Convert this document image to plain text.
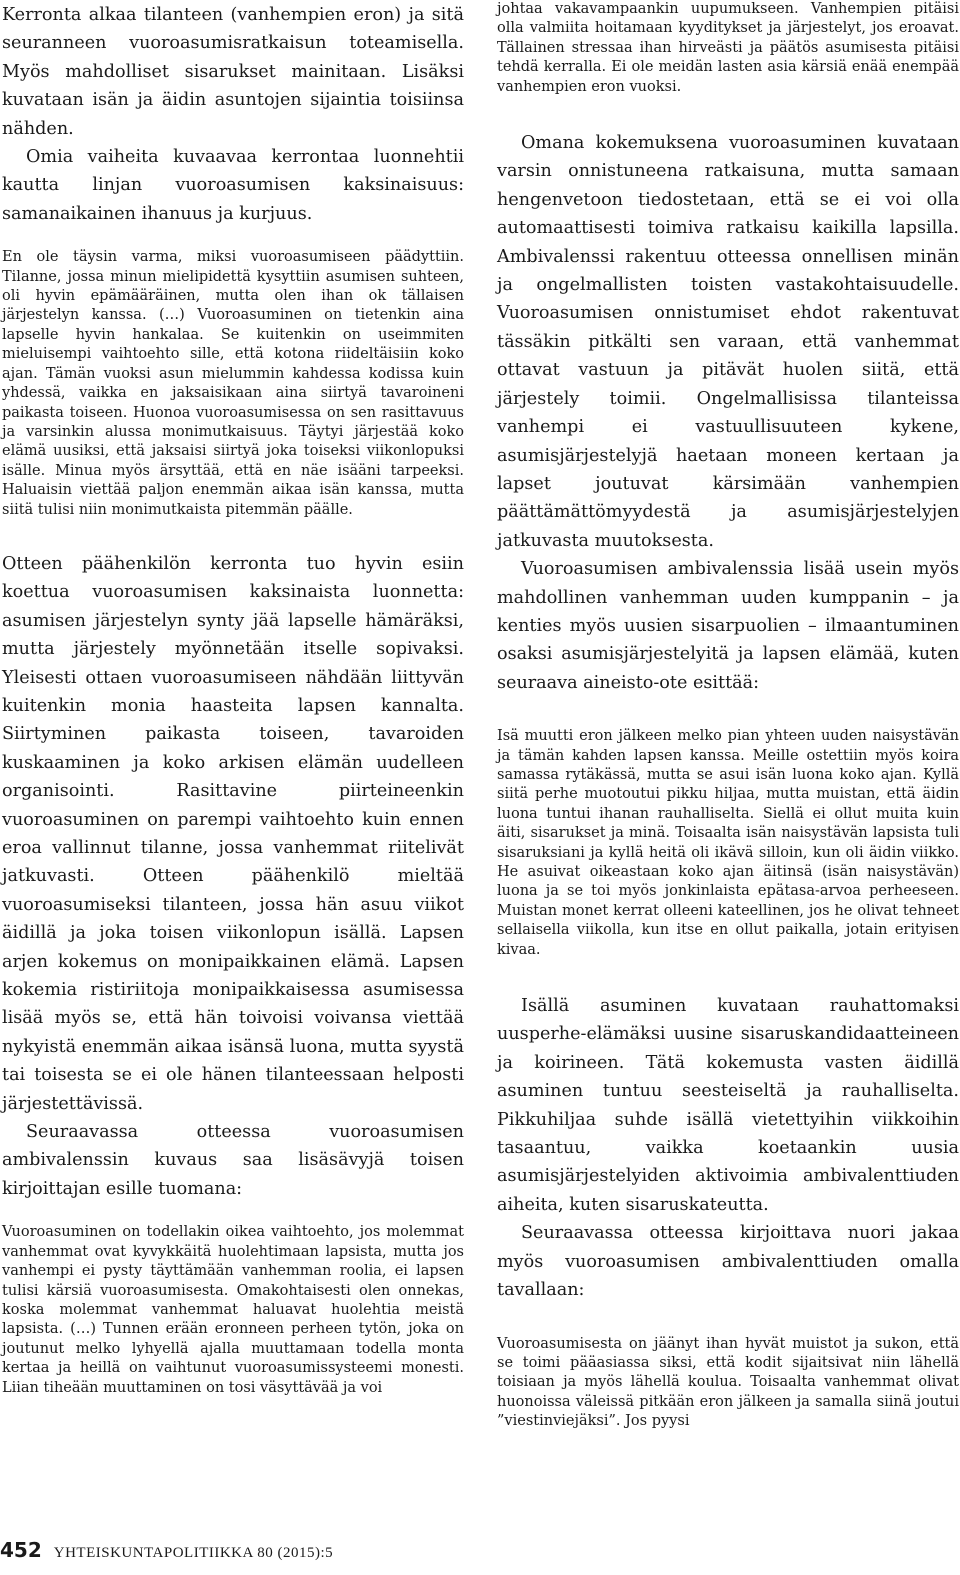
Kerronta alkaa tilanteen (vanhempien eron) ja sitä seuranneen vuoroasumisratkaisun toteamisella. Myös mahdolliset sisarukset mainitaan. Lisäksi kuvataan isän ja äidin asuntojen sijaintia toisiinsa nähden.

Omia vaiheita kuvaavaa kerrontaa luonnehtii kautta linjan vuoroasumisen kaksinaisuus: samanaikainen ihanuus ja kurjuus.

En ole täysin varma, miksi vuoroasumiseen päädyttiin. Tilanne, jossa minun mielipidettä kysyttiin asumisen suhteen, oli hyvin epämääräinen, mutta olen ihan ok tällaisen järjestelyn kanssa. (…) Vuoroasuminen on tietenkin aina lapselle hyvin hankalaa. Se kuitenkin on useimmiten mieluisempi vaihtoehto sille, että kotona riideltäisiin koko ajan. Tämän vuoksi asun mielummin kahdessa kodissa kuin yhdessä, vaikka en jaksaisikaan aina siirtyä tavaroineni paikasta toiseen. Huonoa vuoroasumisessa on sen rasittavuus ja varsinkin alussa monimutkaisuus. Täytyi järjestää koko elämä uusiksi, että jaksaisi siirtyä joka toiseksi viikonlopuksi isälle. Minua myös ärsyttää, että en näe isääni tarpeeksi. Haluaisin viettää paljon enemmän aikaa isän kanssa, mutta siitä tulisi niin monimutkaista pitemmän päälle.

Otteen päähenkilön kerronta tuo hyvin esiin koettua vuoroasumisen kaksinaista luonnetta: asumisen järjestelyn synty jää lapselle hämäräksi, mutta järjestely myönnetään itselle sopivaksi. Yleisesti ottaen vuoroasumiseen nähdään liittyvän kuitenkin monia haasteita lapsen kannalta. Siirtyminen paikasta toiseen, tavaroiden kuskaaminen ja koko arkisen elämän uudelleen organisointi. Rasittavine piirteineenkin vuoroasuminen on parempi vaihtoehto kuin ennen eroa vallinnut tilanne, jossa vanhemmat riitelivät jatkuvasti. Otteen päähenkilö mieltää vuoroasumiseksi tilanteen, jossa hän asuu viikot äidillä ja joka toisen viikonlopun isällä. Lapsen arjen kokemus on monipaikkainen elämä. Lapsen kokemia ristiriitoja monipaikkaisessa asumisessa lisää myös se, että hän toivoisi voivansa viettää nykyistä enemmän aikaa isänsä luona, mutta syystä tai toisesta se ei ole hänen tilanteessaan helposti järjestettävissä.

Seuraavassa otteessa vuoroasumisen ambivalenssin kuvaus saa lisäsävyjä toisen kirjoittajan esille tuomana:

Vuoroasuminen on todellakin oikea vaihtoehto, jos molemmat vanhemmat ovat kyvykkäitä huolehtimaan lapsista, mutta jos vanhempi ei pysty täyttämään vanhemman roolia, ei lapsen tulisi kärsiä vuoroasumisesta. Omakohtaisesti olen onnekas, koska molemmat vanhemmat haluavat huolehtia meistä lapsista. (…) Tunnen erään eronneen perheen tytön, joka on joutunut melko lyhyellä ajalla muuttamaan todella monta kertaa ja heillä on vaihtunut vuoroasumissysteemi monesti. Liian tiheään muuttaminen on tosi väsyttävää ja voi

johtaa vakavampaankin uupumukseen. Vanhempien pitäisi olla valmiita hoitamaan kyyditykset ja järjestelyt, jos eroavat. Tällainen stressaa ihan hirveästi ja päätös asumisesta pitäisi tehdä kerralla. Ei ole meidän lasten asia kärsiä enää enempää vanhempien eron vuoksi.

Omana kokemuksena vuoroasuminen kuvataan varsin onnistuneena ratkaisuna, mutta samaan hengenvetoon tiedostetaan, että se ei voi olla automaattisesti toimiva ratkaisu kaikilla lapsilla. Ambivalenssi rakentuu otteessa onnellisen minän ja ongelmallisten toisten vastakohtaisuudelle. Vuoroasumisen onnistumiset ehdot rakentuvat tässäkin pitkälti sen varaan, että vanhemmat ottavat vastuun ja pitävät huolen siitä, että järjestely toimii. Ongelmallisissa tilanteissa vanhempi ei vastuullisuuteen kykene, asumisjärjestelyjä haetaan moneen kertaan ja lapset joutuvat kärsimään vanhempien päättämättömyydestä ja asumisjärjestelyjen jatkuvasta muutoksesta.

Vuoroasumisen ambivalenssia lisää usein myös mahdollinen vanhemman uuden kumppanin – ja kenties myös uusien sisarpuolien – ilmaantuminen osaksi asumisjärjestelyitä ja lapsen elämää, kuten seuraava aineisto-ote esittää:

Isä muutti eron jälkeen melko pian yhteen uuden naisystävän ja tämän kahden lapsen kanssa. Meille ostettiin myös koira samassa rytäkässä, mutta se asui isän luona koko ajan. Kyllä siitä perhe muotoutui pikku hiljaa, mutta muistan, että äidin luona tuntui ihanan rauhalliselta. Siellä ei ollut muita kuin äiti, sisarukset ja minä. Toisaalta isän naisystävän lapsista tuli sisaruksiani ja kyllä heitä oli ikävä silloin, kun oli äidin viikko. He asuivat oikeastaan koko ajan äitinsä (isän naisystävän) luona ja se toi myös jonkinlaista epätasa-arvoa perheeseen. Muistan monet kerrat olleeni kateellinen, jos he olivat tehneet sellaisella viikolla, kun itse en ollut paikalla, jotain erityisen kivaa.

Isällä asuminen kuvataan rauhattomaksi uusperhe-elämäksi uusine sisaruskandidaatteineen ja koirineen. Tätä kokemusta vasten äidillä asuminen tuntuu seesteiseltä ja rauhalliselta. Pikkuhiljaa suhde isällä vietettyihin viikkoihin tasaantuu, vaikka koetaankin uusia asumisjärjestelyiden aktivoimia ambivalenttiuden aiheita, kuten sisaruskateutta.

Seuraavassa otteessa kirjoittava nuori jakaa myös vuoroasumisen ambivalenttiuden omalla tavallaan:

Vuoroasumisesta on jäänyt ihan hyvät muistot ja sukon, että se toimi pääasiassa siksi, että kodit sijaitsivat niin lähellä toisiaan ja myös lähellä koulua. Toisaalta vanhemmat olivat huonoissa väleissä pitkään eron jälkeen ja samalla siinä joutui ”viestinviejäksi”. Jos pyysi

452 YHTEISKUNTAPOLITIIKKA 80 (2015):5
